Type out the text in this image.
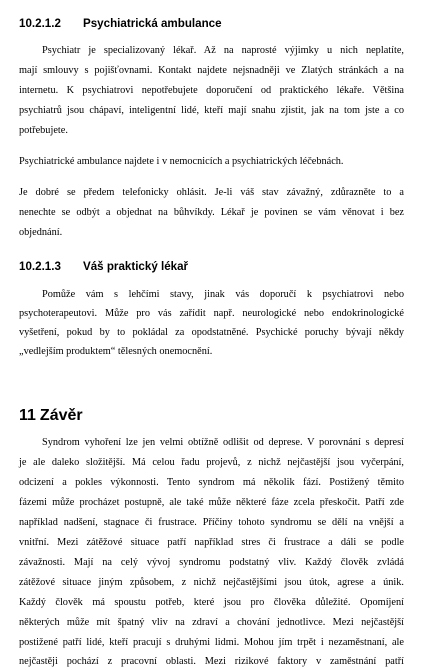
10.2.1.2	Psychiatrická ambulance
Psychiatr je specializovaný lékař. Až na naprosté výjimky u nich neplatíte,
mají smlouvy s pojišťovnami. Kontakt najdete nejsnadněji ve Zlatých stránkách a na
internetu. K psychiatrovi nepotřebujete doporučení od praktického lékaře. Většina
psychiatrů jsou chápaví, inteligentní lidé, kteří mají snahu zjistit, jak na tom jste a co
potřebujete.
Psychiatrické ambulance najdete i v nemocnicích a psychiatrických léčebnách.
Je dobré se předem telefonicky ohlásit. Je-li váš stav závažný, zdůrazněte to a
nenechte se odbýt a objednat na bůhvíkdy. Lékař je povinen se vám věnovat i bez
objednání.
10.2.1.3	Váš praktický lékař
Pomůže vám s lehčími stavy, jinak vás doporučí k psychiatrovi nebo
psychoterapeutovi. Může pro vás zařídit např. neurologické nebo endokrinologické
vyšetření, pokud by to pokládal za opodstatněné. Psychické poruchy bývají někdy
„vedlejším produktem“ tělesných onemocnění.
11 Závěr
Syndrom vyhoření lze jen velmi obtížně odlišit od deprese. V porovnání s depresí
je ale daleko složitější. Má celou řadu projevů, z nichž nejčastější jsou vyčerpání,
odcizení a pokles výkonnosti. Tento syndrom má několik fází. Postižený těmito
fázemi může procházet postupně, ale také může některé fáze zcela přeskočit. Patří zde
například nadšení, stagnace či frustrace. Příčiny tohoto syndromu se dělí na vnější a
vnitřní. Mezi zátěžové situace patří například stres či frustrace a dáli se podle
závažnosti. Mají na celý vývoj syndromu podstatný vliv. Každý člověk zvládá
zátěžové situace jiným způsobem, z nichž nejčastějšími jsou útok, agrese a únik.
Každý člověk má spoustu potřeb, které jsou pro člověka důležité. Opomíjení
některých může mít špatný vliv na zdraví a chování jednotlivce. Mezi nejčastější
postižené patří lidé, kteří pracují s druhými lidmi. Mohou jím trpět i nezaměstnaní, ale
nejčastěji pochází z pracovní oblasti. Mezi rizikové faktory v zaměstnání patří
